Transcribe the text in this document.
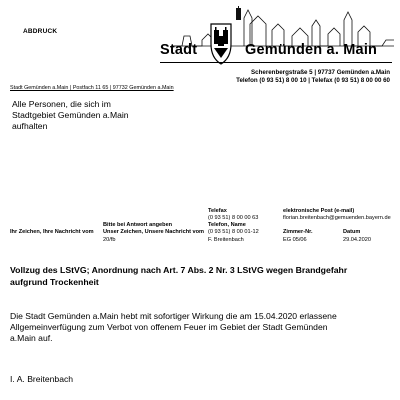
ABDRUCK
Stadt	Gemünden a. Main
Scherenbergstraße 5 | 97737 Gemünden a.Main
Telefon (0 93 51) 8 00 10 | Telefax (0 93 51) 8 00 00 60
Stadt Gemünden a.Main | Postfach 11 65 | 97732 Gemünden a.Main
Alle Personen, die sich im
Stadtgebiet Gemünden a.Main
aufhalten
Ihr Zeichen, Ihre Nachricht vom
Bitte bei Antwort angeben
Unser Zeichen, Unsere Nachricht vom
20/fb
Telefax
(0 93 51) 8 00 00 63
Telefon, Name
(0 93 51) 8 00 01-12
F. Breitenbach
elektronische Post (e-mail)
florian.breitenbach@gemuenden.bayern.de
Zimmer-Nr.
EG 05/06
Datum
29.04.2020
Vollzug des LStVG; Anordnung nach Art. 7 Abs. 2 Nr. 3 LStVG wegen Brandgefahr
aufgrund Trockenheit
Die Stadt Gemünden a.Main hebt mit sofortiger Wirkung die am 15.04.2020 erlassene
Allgemeinverfügung zum Verbot von offenem Feuer im Gebiet der Stadt Gemünden
a.Main auf.
I. A. Breitenbach
